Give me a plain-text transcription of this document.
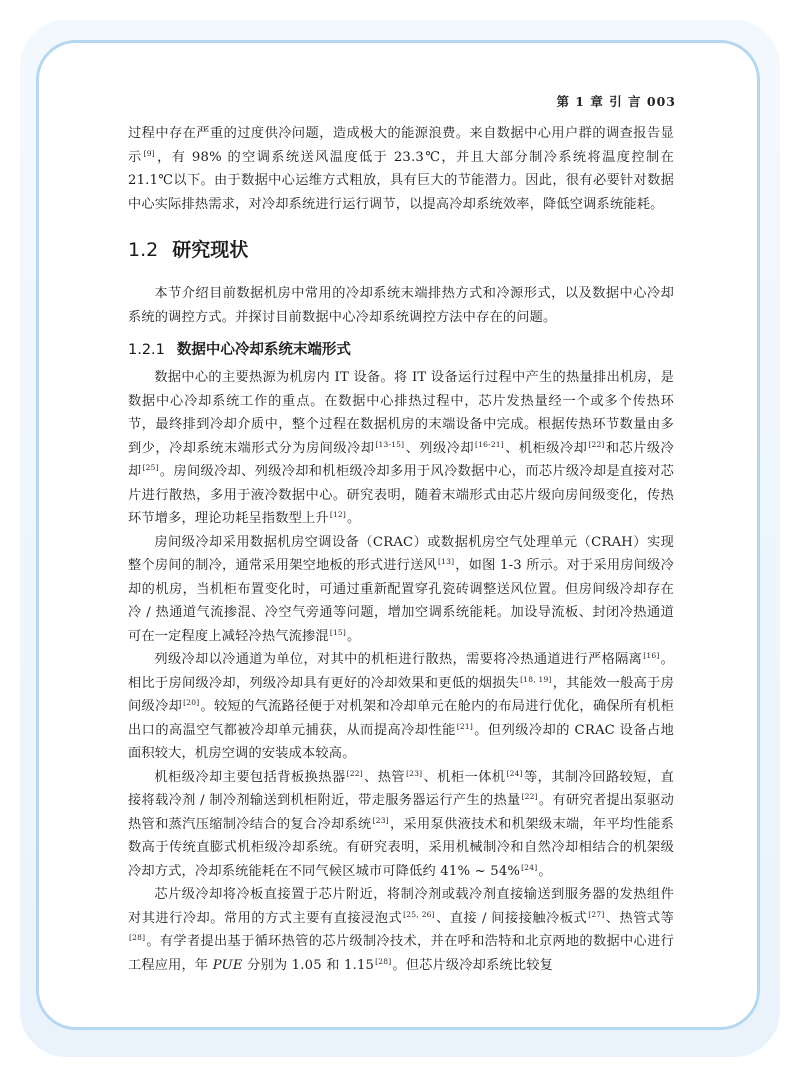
第 1 章 引 言 003

过程中存在严重的过度供冷问题，造成极大的能源浪费。来自数据中心用户群的调查报告显示[9]，有 98% 的空调系统送风温度低于 23.3℃，并且大部分制冷系统将温度控制在 21.1℃以下。由于数据中心运维方式粗放，具有巨大的节能潜力。因此，很有必要针对数据中心实际排热需求，对冷却系统进行运行调节，以提高冷却系统效率，降低空调系统能耗。

1.2 研究现状

本节介绍目前数据机房中常用的冷却系统末端排热方式和冷源形式，以及数据中心冷却系统的调控方式。并探讨目前数据中心冷却系统调控方法中存在的问题。

1.2.1 数据中心冷却系统末端形式

数据中心的主要热源为机房内 IT 设备。将 IT 设备运行过程中产生的热量排出机房，是数据中心冷却系统工作的重点。在数据中心排热过程中，芯片发热量经一个或多个传热环节，最终排到冷却介质中，整个过程在数据机房的末端设备中完成。根据传热环节数量由多到少，冷却系统末端形式分为房间级冷却[13-15]、列级冷却[16-21]、机柜级冷却[22]和芯片级冷却[25]。房间级冷却、列级冷却和机柜级冷却多用于风冷数据中心，而芯片级冷却是直接对芯片进行散热，多用于液冷数据中心。研究表明，随着末端形式由芯片级向房间级变化，传热环节增多，理论功耗呈指数型上升[12]。

房间级冷却采用数据机房空调设备（CRAC）或数据机房空气处理单元（CRAH）实现整个房间的制冷，通常采用架空地板的形式进行送风[13]，如图 1-3 所示。对于采用房间级冷却的机房，当机柜布置变化时，可通过重新配置穿孔瓷砖调整送风位置。但房间级冷却存在冷 / 热通道气流掺混、冷空气旁通等问题，增加空调系统能耗。加设导流板、封闭冷热通道可在一定程度上减轻冷热气流掺混[15]。

列级冷却以冷通道为单位，对其中的机柜进行散热，需要将冷热通道进行严格隔离[16]。相比于房间级冷却，列级冷却具有更好的冷却效果和更低的烟损失[18, 19]，其能效一般高于房间级冷却[20]。较短的气流路径便于对机架和冷却单元在舱内的布局进行优化，确保所有机柜出口的高温空气都被冷却单元捕获，从而提高冷却性能[21]。但列级冷却的 CRAC 设备占地面积较大，机房空调的安装成本较高。

机柜级冷却主要包括背板换热器[22]、热管[23]、机柜一体机[24]等，其制冷回路较短，直接将载冷剂 / 制冷剂输送到机柜附近，带走服务器运行产生的热量[22]。有研究者提出泵驱动热管和蒸汽压缩制冷结合的复合冷却系统[23]，采用泵供液技术和机架级末端，年平均性能系数高于传统直膨式机柜级冷却系统。有研究表明，采用机械制冷和自然冷却相结合的机架级冷却方式，冷却系统能耗在不同气候区城市可降低约 41% ~ 54%[24]。

芯片级冷却将冷板直接置于芯片附近，将制冷剂或载冷剂直接输送到服务器的发热组件对其进行冷却。常用的方式主要有直接浸泡式[25, 26]、直接 / 间接接触冷板式[27]、热管式等[28]。有学者提出基于循环热管的芯片级制冷技术，并在呼和浩特和北京两地的数据中心进行工程应用，年 PUE 分别为 1.05 和 1.15[28]。但芯片级冷却系统比较复
